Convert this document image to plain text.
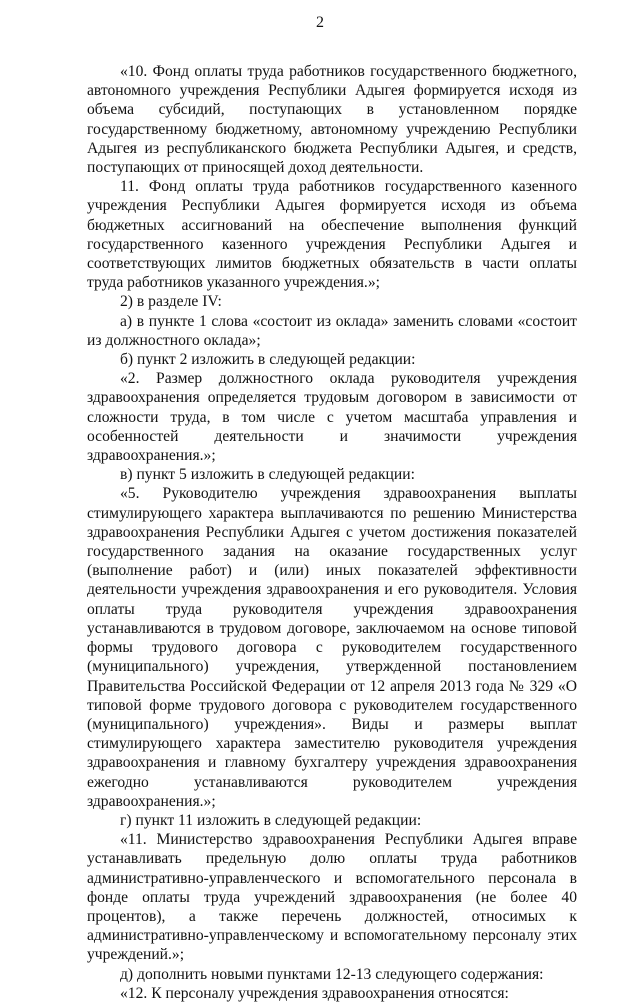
2

«10. Фонд оплаты труда работников государственного бюджетного, автономного учреждения Республики Адыгея формируется исходя из объема субсидий, поступающих в установленном порядке государственному бюджетному, автономному учреждению Республики Адыгея из республиканского бюджета Республики Адыгея, и средств, поступающих от приносящей доход деятельности.

11. Фонд оплаты труда работников государственного казенного учреждения Республики Адыгея формируется исходя из объема бюджетных ассигнований на обеспечение выполнения функций государственного казенного учреждения Республики Адыгея и соответствующих лимитов бюджетных обязательств в части оплаты труда работников указанного учреждения.»;

2) в разделе IV:

а) в пункте 1 слова «состоит из оклада» заменить словами «состоит из должностного оклада»;

б) пункт 2 изложить в следующей редакции:

«2. Размер должностного оклада руководителя учреждения здравоохранения определяется трудовым договором в зависимости от сложности труда, в том числе с учетом масштаба управления и особенностей деятельности и значимости учреждения здравоохранения.»;

в) пункт 5 изложить в следующей редакции:

«5. Руководителю учреждения здравоохранения выплаты стимулирующего характера выплачиваются по решению Министерства здравоохранения Республики Адыгея с учетом достижения показателей государственного задания на оказание государственных услуг (выполнение работ) и (или) иных показателей эффективности деятельности учреждения здравоохранения и его руководителя. Условия оплаты труда руководителя учреждения здравоохранения устанавливаются в трудовом договоре, заключаемом на основе типовой формы трудового договора с руководителем государственного (муниципального) учреждения, утвержденной постановлением Правительства Российской Федерации от 12 апреля 2013 года № 329 «О типовой форме трудового договора с руководителем государственного (муниципального) учреждения». Виды и размеры выплат стимулирующего характера заместителю руководителя учреждения здравоохранения и главному бухгалтеру учреждения здравоохранения ежегодно устанавливаются руководителем учреждения здравоохранения.»;

г) пункт 11 изложить в следующей редакции:

«11. Министерство здравоохранения Республики Адыгея вправе устанавливать предельную долю оплаты труда работников административно-управленческого и вспомогательного персонала в фонде оплаты труда учреждений здравоохранения (не более 40 процентов), а также перечень должностей, относимых к административно-управленческому и вспомогательному персоналу этих учреждений.»;

д) дополнить новыми пунктами 12-13 следующего содержания:

«12. К персоналу учреждения здравоохранения относятся:
